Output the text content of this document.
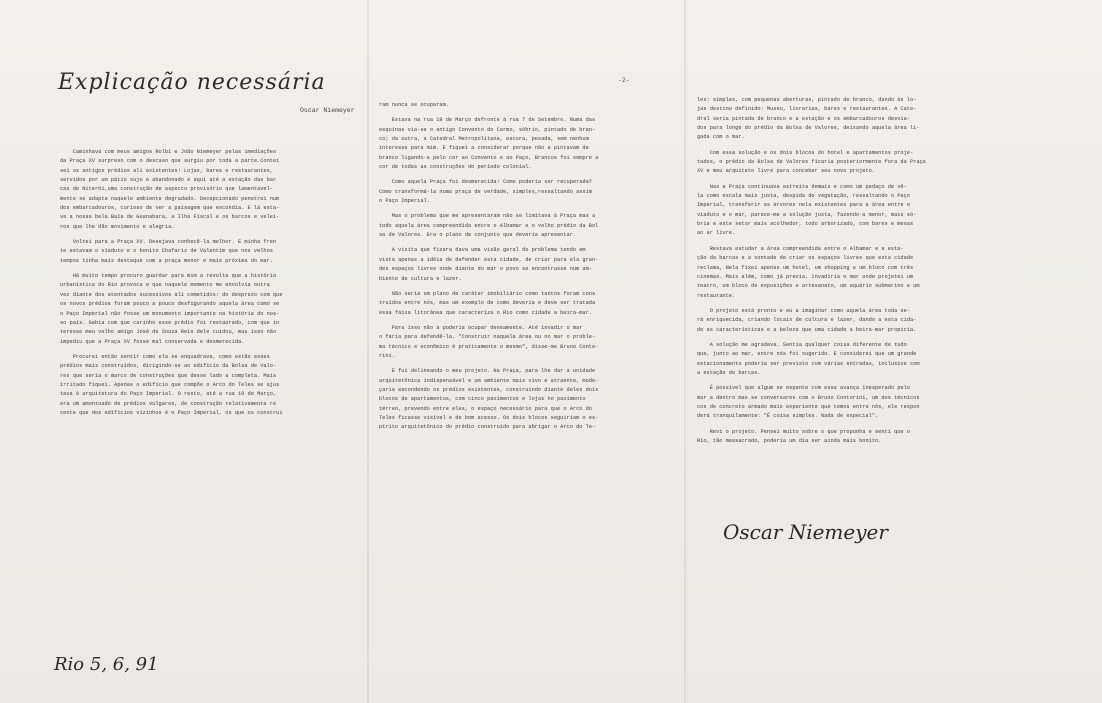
Explicação necessária
Oscar Niemeyer
-2-

Caminhava com meus amigos Rolbi e João Niemeyer pelas imediações

da Praça XV surpreso com o descaso que surgiu por toda a parte.Contei

sei os antigos prédios ali existentes! Lojas, bares e restaurantes,

servidos por um pátio sujo e abandonado e aqui até a estação das bar

cas de Niterói,uma construção de aspecto provisório que lamentavel-

mente se adapta naquele ambiente degradado. Decepcionado penetrei num

dos embarcadouros, curioso de ver a paisagem que escondia. E lá esta-

va a nossa bela Baía de Guanabara, a Ilha Fiscal e os barcos e velei-

ros que lhe dão movimento e alegria.

Voltei para a Praça XV. Desejava conhecê-la melhor. E minha fren

te estavam o viaduto e o bonito Chafariz de Valentim que nos velhos

tempos tinha mais destaque com a praça menor e mais próxima do mar.

Há muito tempo procuro guardar para mim a revolta que a história

urbanística do Rio provoca e que naquele momento me envolvia outra

vez diante dos atentados sucessivos ali cometidos: do desprezo com que

os novos prédios foram pouco a pouco desfigurando aquela área como se

o Paço Imperial não fosse um monumento importante na história do nos-

so país. Gabia com que carinho esse prédio foi restaurado, com que in

teresse meu velho amigo José de Souza Reis dele cuidou, mas isso não

impediu que a Praça XV fosse mal conservada e desmerecida.

Procurei então sentir como ela se enquadrava, como estão esses

prédios mais construídos, dirigindo-se ao edifício da Bolsa de Valo-

res que seria o marco de construções que desse lado a completa. Mais

irritado fiquei. Apenas o edifício que compõe o Arco do Teles se ajus

tava à arquitetura do Paço Imperial. O resto, até a rua 19 de Março,

era um amontoado de prédios vulgares, de construção relativamente re

cente que dos edifícios vizinhos é o Paço Imperial, os que os construi

ram nunca se ocuparam.

Estava na rua 19 de Março defronte à rua 7 de Setembro. Numa das

esquinas via-se o antigo Convento do Carmo, sóbrio, pintado de bran-

co; da outra, a Catedral Metropolitana, escura, pesada, sem nenhum

interesse para mim. E fiquei a considerar porque não a pintavam de

branco ligando-a pelo cor ao Convento e ao Paço, Brancos foi sempre a

cor de todas as construções do período colonial.

Como aquela Praça foi desmerecida! Como poderia ser recuperada?

Como transformá-la numa praça de verdade, simples,ressaltando assim

o Paço Imperial.

Mas o problema que me apresentaram não se limitava à Praça mas a

todo aquela área compreendida entre o Albamar e o velho prédio da Bol

sa de Valores. Era o plano de conjunto que deveria apresentar.

A visita que fizera dava uma visão geral do problema tendo em

vista apenas a idéia de defender esta cidade, de criar para ela gran-

des espaços livres onde diante do mar o povo se encontrasse num am-

biente de cultura e lazer.

Não seria um plano de caráter imobiliário como tantos foram cons

truídos entre nós, mas um exemplo de como deveria e deve ser tratada

essa faixa litorânea que caracteriza o Rio como cidade a beira-mar.

Para isso não a poderia ocupar densamente. Até invadir o mar

o faria para defendê-la. "Construir naquela área ou no mar o proble-

ma técnico e econômico é praticamente o mesmo", disse-me Bruno Conte-

rini.

E fui delineando o meu projeto. Na Praça, para lhe dar a unidade

arquitetônica indispensável e um ambiente mais vivo e atraente, mode-

çaria escondendo os prédios existentes, construindo diante deles dois

blocos de apartamentos, com cinco pavimentos e lojas no pavimento

térreo, prevendo entre eles, o espaço necessário para que o Arco do

Teles ficasse visível e de bom acesso. Os dois blocos seguiriam o es-

pírito arquitetônico do prédio construído para abrigar o Arco do Te-

les: simples, com pequenas aberturas, pintado de branco, dando às lo-

jas destino definido: Museu, livrarias, bares e restaurantes. A Cate-

dral seria pintada de branco e a estação e os embarcadouros desvia-

dos para longe do prédio da Bolsa de Valores, deixando aquela área li-

gada com o mar.

Com essa solução e os dois blocos do hotel e apartamentos proje-

tados, o prédio da Bolsa de Valores ficaria posteriormente fora da Praça

XV e meu arquiteto livre para conceber seu novo projeto.

Nas a Praça continuava estreita demais e como um pedaço de vê-

la como escala mais justa, despida de vegetação, ressaltando o Paço

Imperial, transferir as árvores nela existentes para a área entre o

viaduto e o mar, parece-me a solução justa, fazendo-a menor, mais só-

bria e este setor mais acolhedor, todo arborizado, com bares e mesas

ao ar livre.

Restava estudar a área compreendida entre o Albamar e a esta-

ção da barcas e a vontade de criar os espaços livres que esta cidade

reclama, Nela fixei apenas um hotel, um shopping e um bloco com três

cinemas. Mais além, como já previa, invadiria o mar onde projetei um

teatro, um bloco de exposições e artesanato, um aquário submarino e um

restaurante.

O projeto está pronto e eu a imaginar como aquela área toda se-

rá enriquecida, criando locais de cultura e lazer, dando a esta cida-

de as características e a beleza que uma cidade a beira-mar propicia.

A solução me agradava. Sentia qualquer coisa diferente de tudo

que, junto ao mar, entre nós foi sugerido. E considerei que um grande

estacionamento poderia ser previsto com várias entradas, inclusive com

a estação de barcas.

É possível que algum se espante com essa avança inesperado pelo

mar a dentro mas se conversares com o Bruno Contorini, um dos técnicos

cos de concreto armado mais experiente que temos entre nós, ele respon

derá tranquilamente: "É coisa simples. Nada de especial".

Revi o projeto. Pensei muito sobre o que propunha e senti que o

Rio, tão massacrado, poderia um dia ser ainda mais bonito.

Oscar Niemeyer
Rio 5, 6, 91
